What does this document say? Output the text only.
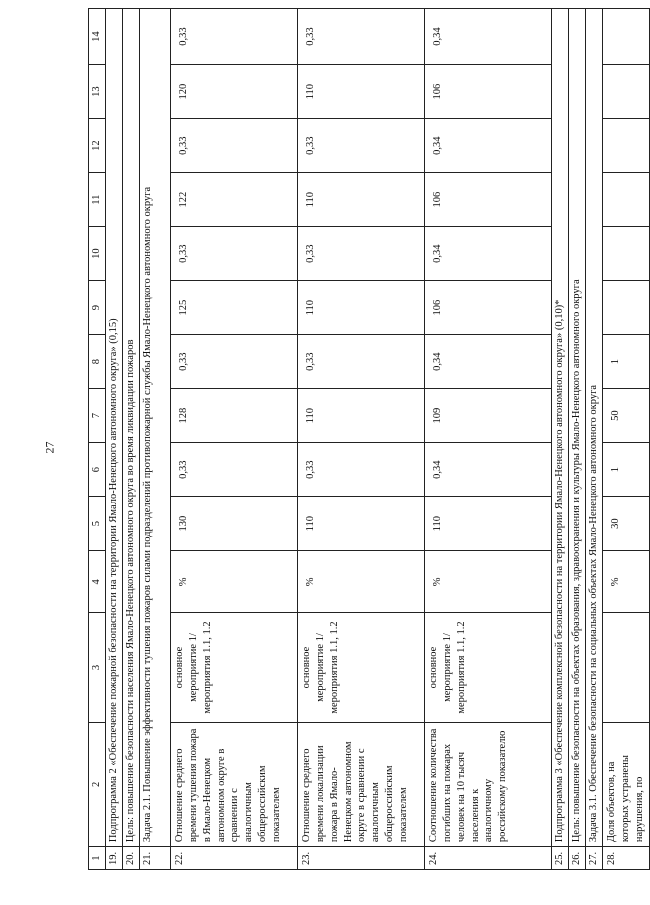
27
1	2	3	4	5	6	7	8	9	10	11	12	13	14
19.	Подпрограмма 2 «Обеспечение пожарной безопасности на территории Ямало-Ненецкого автономного округа» (0,15)												
20.	Цель: повышение безопасности населения Ямало-Ненецкого автономного округа во время ликвидации пожаров												
21.	Задача 2.1. Повышение эффективности тушения пожаров силами подразделений противопожарной службы Ямало-Ненецкого автономного округа												
22.	Отношение среднего времени тушения пожара в Ямало-Ненецком автономном округе в сравнении с аналогичным общероссийским показателем	основное мероприятие 1/мероприятия 1.1, 1.2	%	130	0,33	128	0,33	125	0,33	122	0,33	120	0,33
23.	Отношение среднего времени локализации пожара в Ямало-Ненецком автономном округе в сравнении с аналогичным общероссийским показателем	основное мероприятие 1/мероприятия 1.1, 1.2	%	110	0,33	110	0,33	110	0,33	110	0,33	110	0,33
24.	Соотношение количества погибших на пожарах человек на 10 тысяч населения к аналогичному российскому показателю	основное мероприятие 1/мероприятия 1.1, 1.2	%	110	0,34	109	0,34	106	0,34	106	0,34	106	0,34
25.	Подпрограмма 3 «Обеспечение комплексной безопасности на территории Ямало-Ненецкого автономного округа» (0,10)*												
26.	Цель: повышение безопасности на объектах образования, здравоохранения и культуры Ямало-Ненецкого автономного округа												
27.	Задача 3.1. Обеспечение безопасности на социальных объектах Ямало-Ненецкого автономного округа												
28.	Доля объектов, на которых устранены нарушения, по		%	30	1	50	1						
